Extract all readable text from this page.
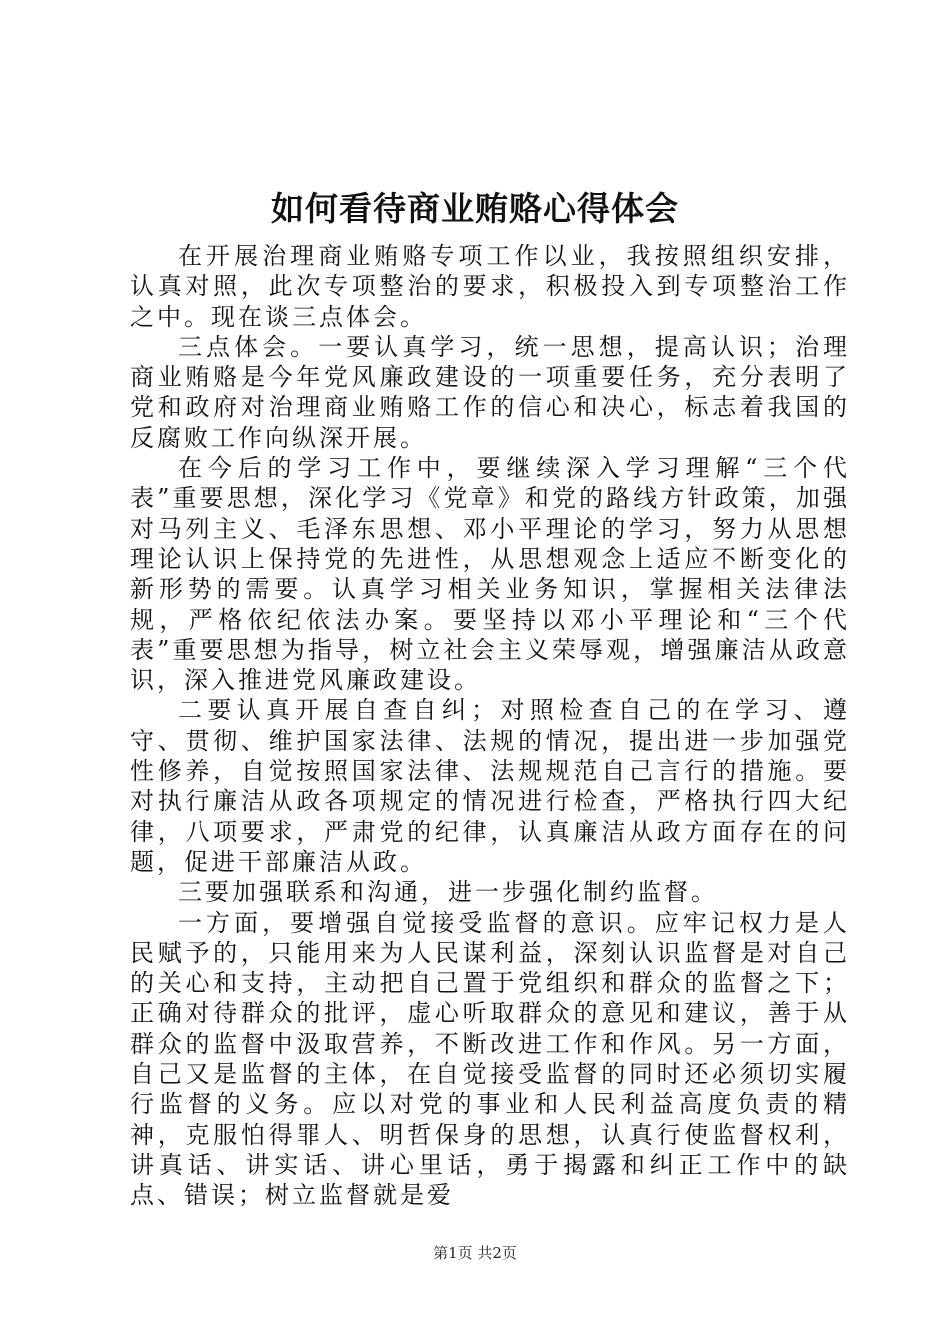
如何看待商业贿赂心得体会

在开展治理商业贿赂专项工作以业，我按照组织安排，认真对照，此次专项整治的要求，积极投入到专项整治工作之中。现在谈三点体会。

三点体会。一要认真学习，统一思想，提高认识；治理商业贿赂是今年党风廉政建设的一项重要任务，充分表明了党和政府对治理商业贿赂工作的信心和决心，标志着我国的反腐败工作向纵深开展。

在今后的学习工作中，要继续深入学习理解“三个代表”重要思想，深化学习《党章》和党的路线方针政策，加强对马列主义、毛泽东思想、邓小平理论的学习，努力从思想理论认识上保持党的先进性，从思想观念上适应不断变化的新形势的需要。认真学习相关业务知识，掌握相关法律法规，严格依纪依法办案。要坚持以邓小平理论和“三个代表”重要思想为指导，树立社会主义荣辱观，增强廉洁从政意识，深入推进党风廉政建设。

二要认真开展自查自纠；对照检查自己的在学习、遵守、贯彻、维护国家法律、法规的情况，提出进一步加强党性修养，自觉按照国家法律、法规规范自己言行的措施。要对执行廉洁从政各项规定的情况进行检查，严格执行四大纪律，八项要求，严肃党的纪律，认真廉洁从政方面存在的问题，促进干部廉洁从政。

三要加强联系和沟通，进一步强化制约监督。

一方面，要增强自觉接受监督的意识。应牢记权力是人民赋予的，只能用来为人民谋利益，深刻认识监督是对自己的关心和支持，主动把自己置于党组织和群众的监督之下；正确对待群众的批评，虚心听取群众的意见和建议，善于从群众的监督中汲取营养，不断改进工作和作风。另一方面，自己又是监督的主体，在自觉接受监督的同时还必须切实履行监督的义务。应以对党的事业和人民利益高度负责的精神，克服怕得罪人、明哲保身的思想，认真行使监督权利，讲真话、讲实话、讲心里话，勇于揭露和纠正工作中的缺点、错误；树立监督就是爱

第1页 共2页
